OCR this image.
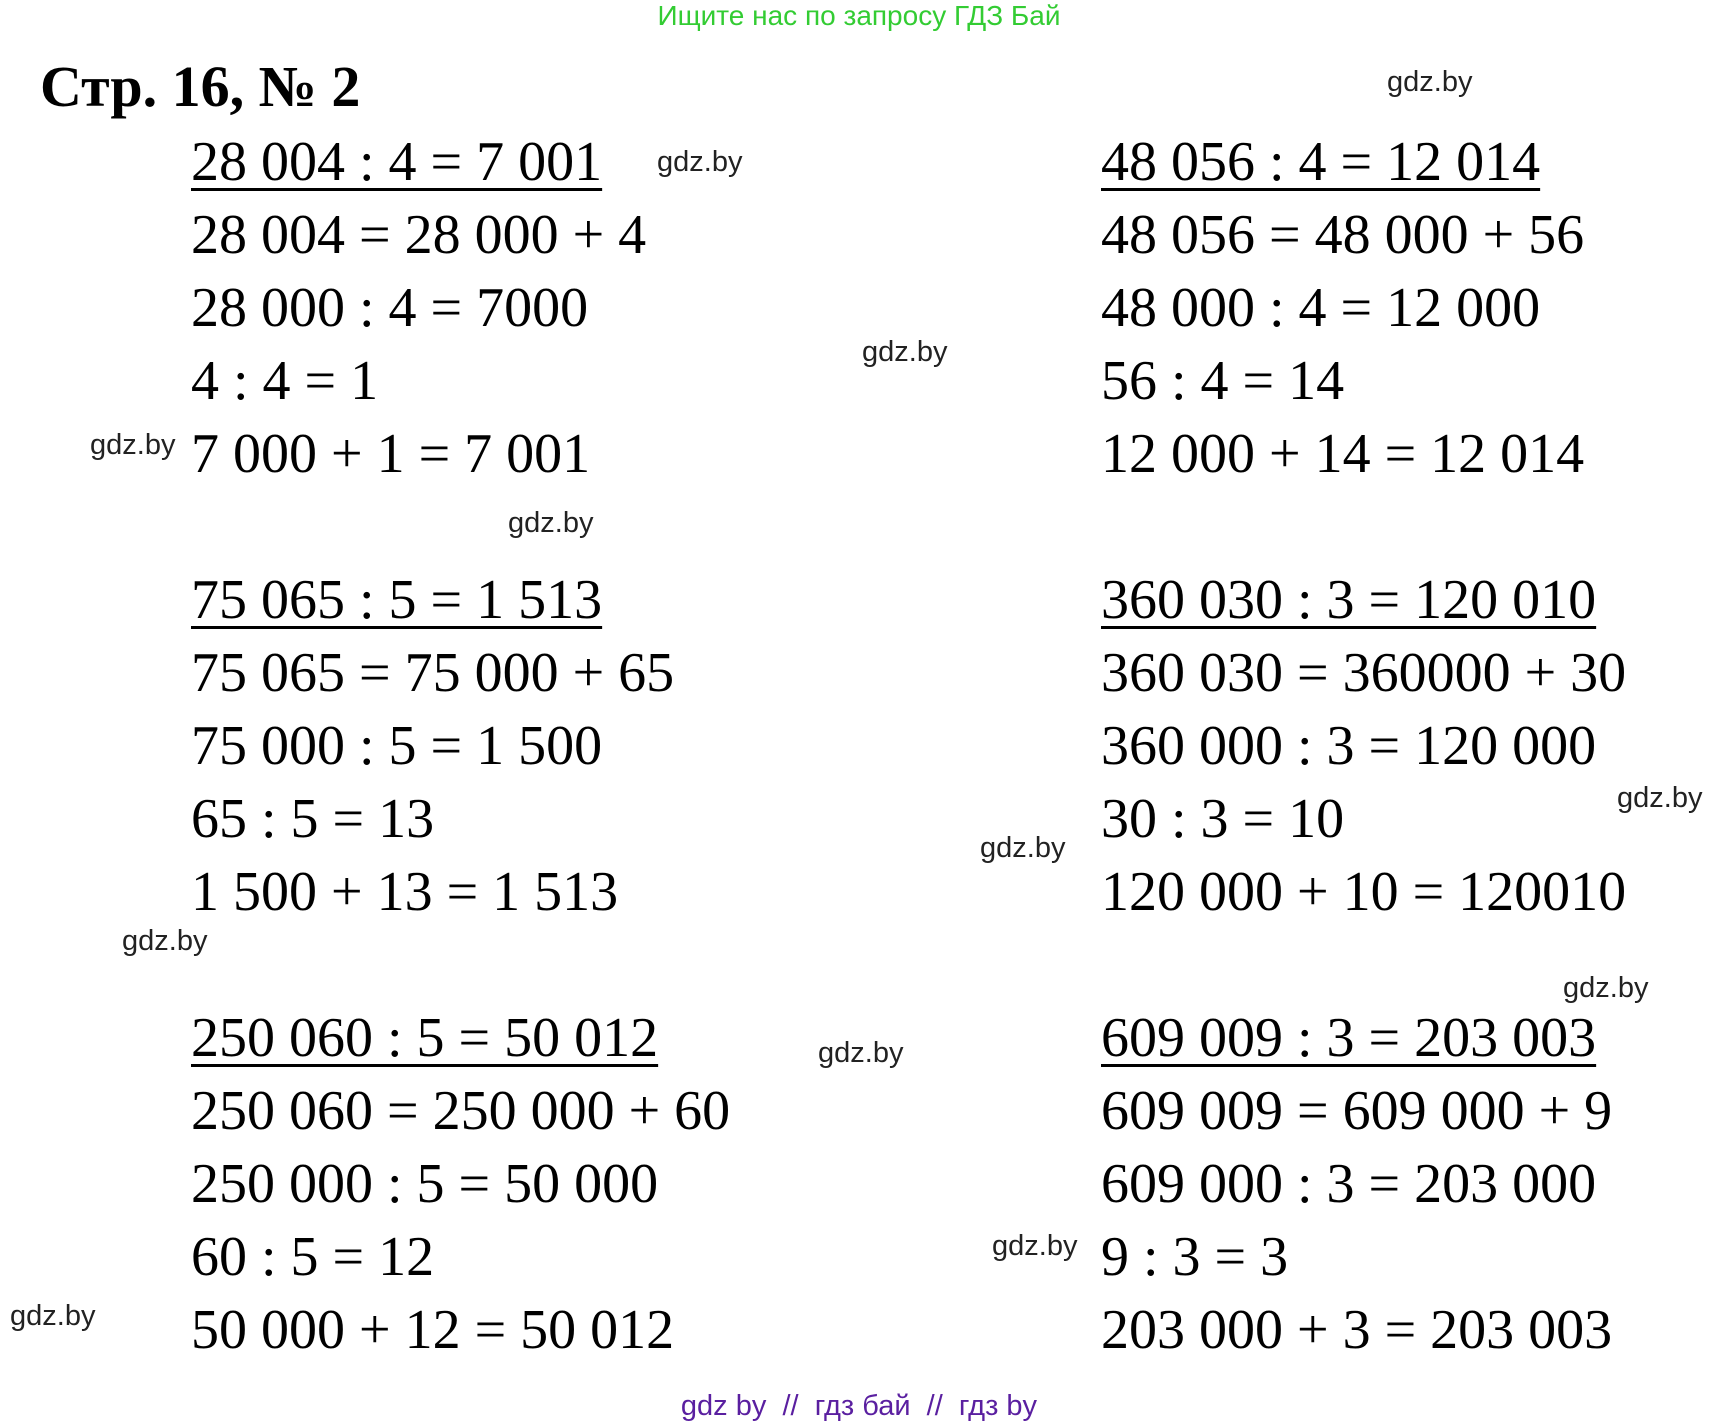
Ищите нас по запросу ГДЗ Бай
Стр. 16, № 2
28 004 : 4 = 7 001
28 004 = 28 000 + 4
28 000 : 4 = 7000
4 : 4 = 1
7 000 + 1 = 7 001
48 056 : 4 = 12 014
48 056 = 48 000 + 56
48 000 : 4 = 12 000
56 : 4 = 14
12 000 + 14 = 12 014
75 065 : 5 = 1 513
75 065 = 75 000 + 65
75 000 : 5 = 1 500
65 : 5 = 13
1 500 + 13 = 1 513
360 030 : 3 = 120 010
360 030 = 360000 + 30
360 000 : 3 = 120 000
30 : 3 = 10
120 000 + 10 = 120010
250 060 : 5 = 50 012
250 060 = 250 000 + 60
250 000 : 5 = 50 000
60 : 5 = 12
50 000 + 12 = 50 012
609 009 : 3 = 203 003
609 009 = 609 000 + 9
609 000 : 3 = 203 000
9 : 3 = 3
203 000 + 3 = 203 003
gdz.by
gdz.by
gdz.by
gdz.by
gdz.by
gdz.by
gdz.by
gdz.by
gdz.by
gdz.by
gdz.by
gdz.by
gdz by  //  гдз бай  //  гдз by
